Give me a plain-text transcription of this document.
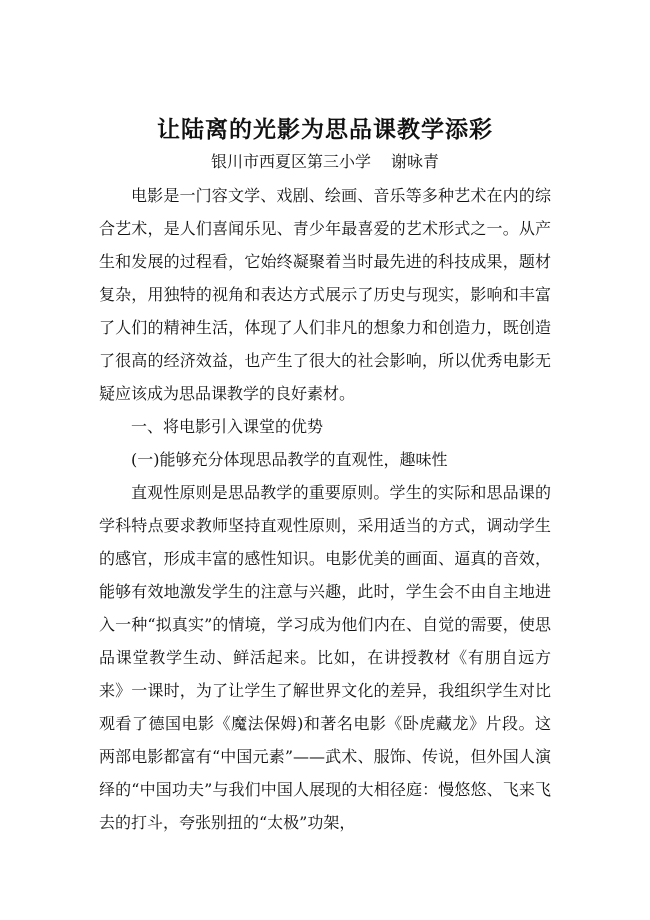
让陆离的光影为思品课教学添彩
银川市西夏区第三小学 谢咏青

电影是一门容文学、戏剧、绘画、音乐等多种艺术在内的综合艺术，是人们喜闻乐见、青少年最喜爱的艺术形式之一。从产生和发展的过程看，它始终凝聚着当时最先进的科技成果，题材复杂，用独特的视角和表达方式展示了历史与现实，影响和丰富了人们的精神生活，体现了人们非凡的想象力和创造力，既创造了很高的经济效益，也产生了很大的社会影响，所以优秀电影无疑应该成为思品课教学的良好素材。

一、将电影引入课堂的优势

(一)能够充分体现思品教学的直观性，趣味性

直观性原则是思品教学的重要原则。学生的实际和思品课的学科特点要求教师坚持直观性原则，采用适当的方式，调动学生的感官，形成丰富的感性知识。电影优美的画面、逼真的音效，能够有效地激发学生的注意与兴趣，此时，学生会不由自主地进入一种“拟真实”的情境，学习成为他们内在、自觉的需要，使思品课堂教学生动、鲜活起来。比如，在讲授教材《有朋自远方来》一课时，为了让学生了解世界文化的差异，我组织学生对比观看了德国电影《魔法保姆)和著名电影《卧虎藏龙》片段。这两部电影都富有“中国元素”——武术、服饰、传说，但外国人演绎的“中国功夫”与我们中国人展现的大相径庭：慢悠悠、飞来飞去的打斗，夸张别扭的“太极”功架，
